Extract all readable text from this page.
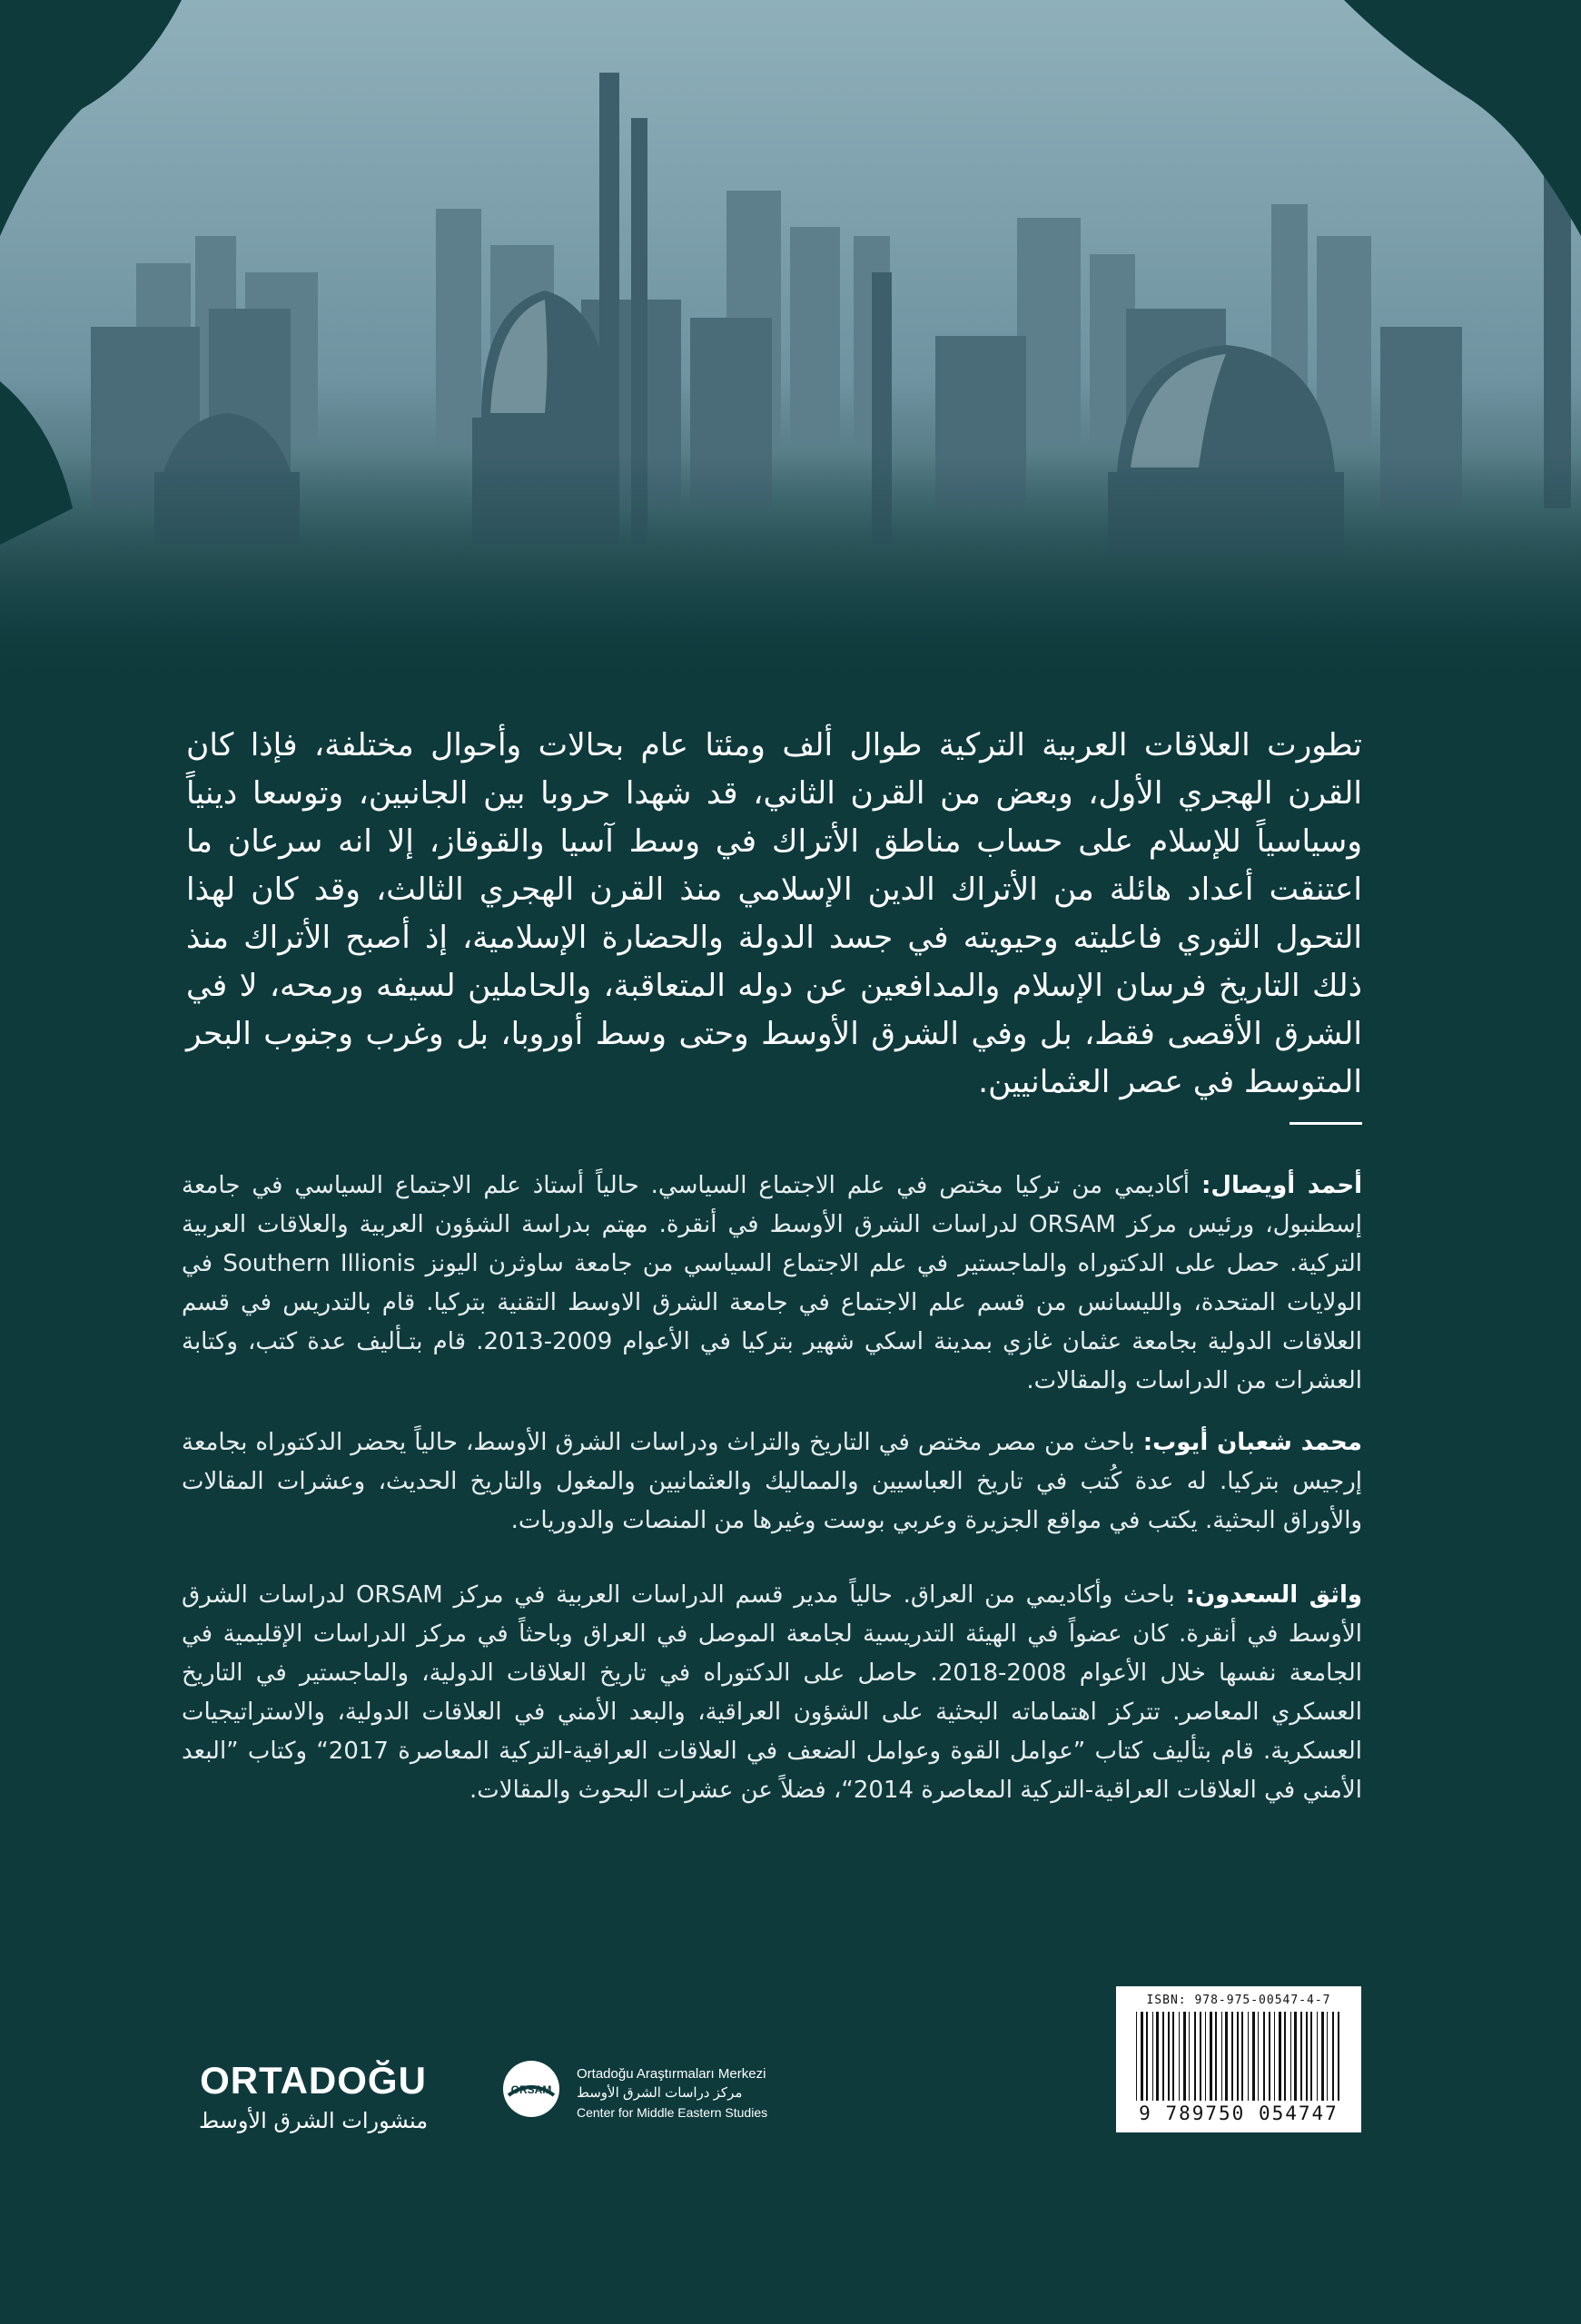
تطورت العلاقات العربية التركية طوال ألف ومئتا عام بحالات وأحوال مختلفة، فإذا كان القرن الهجري الأول، وبعض من القرن الثاني، قد شهدا حروبا بين الجانبين، وتوسعا دينياً وسياسياً للإسلام على حساب مناطق الأتراك في وسط آسيا والقوقاز، إلا انه سرعان ما اعتنقت أعداد هائلة من الأتراك الدين الإسلامي منذ القرن الهجري الثالث، وقد كان لهذا التحول الثوري فاعليته وحيويته في جسد الدولة والحضارة الإسلامية، إذ أصبح الأتراك منذ ذلك التاريخ فرسان الإسلام والمدافعين عن دوله المتعاقبة، والحاملين لسيفه ورمحه، لا في الشرق الأقصى فقط، بل وفي الشرق الأوسط وحتى وسط أوروبا، بل وغرب وجنوب البحر المتوسط في عصر العثمانيين.
أحمد أويصال: أكاديمي من تركيا مختص في علم الاجتماع السياسي. حالياً أستاذ علم الاجتماع السياسي في جامعة إسطنبول، ورئيس مركز ORSAM لدراسات الشرق الأوسط في أنقرة. مهتم بدراسة الشؤون العربية والعلاقات العربية التركية. حصل على الدكتوراه والماجستير في علم الاجتماع السياسي من جامعة ساوثرن اليونز Southern Illionis في الولايات المتحدة، والليسانس من قسم علم الاجتماع في جامعة الشرق الاوسط التقنية بتركيا. قام بالتدريس في قسم العلاقات الدولية بجامعة عثمان غازي بمدينة اسكي شهير بتركيا في الأعوام 2009-2013. قام بتـأليف عدة كتب، وكتابة العشرات من الدراسات والمقالات.
محمد شعبان أيوب: باحث من مصر مختص في التاريخ والتراث ودراسات الشرق الأوسط، حالياً يحضر الدكتوراه بجامعة إرجيس بتركيا. له عدة كُتب في تاريخ العباسيين والمماليك والعثمانيين والمغول والتاريخ الحديث، وعشرات المقالات والأوراق البحثية. يكتب في مواقع الجزيرة وعربي بوست وغيرها من المنصات والدوريات.
واثق السعدون: باحث وأكاديمي من العراق. حالياً مدير قسم الدراسات العربية في مركز ORSAM لدراسات الشرق الأوسط في أنقرة. كان عضواً في الهيئة التدريسية لجامعة الموصل في العراق وباحثاً في مركز الدراسات الإقليمية في الجامعة نفسها خلال الأعوام 2008-2018. حاصل على الدكتوراه في تاريخ العلاقات الدولية، والماجستير في التاريخ العسكري المعاصر. تتركز اهتماماته البحثية على الشؤون العراقية، والبعد الأمني في العلاقات الدولية، والاستراتيجيات العسكرية. قام بتأليف كتاب ”عوامل القوة وعوامل الضعف في العلاقات العراقية-التركية المعاصرة 2017“ وكتاب ”البعد الأمني في العلاقات العراقية-التركية المعاصرة 2014“، فضلاً عن عشرات البحوث والمقالات.
ISBN: 978-975-00547-4-7
9 789750 054747
ORSAM
Ortadoğu Araştırmaları Merkezi
مركز دراسات الشرق الأوسط
Center for Middle Eastern Studies
ORTADOĞU
منشورات الشرق الأوسط
